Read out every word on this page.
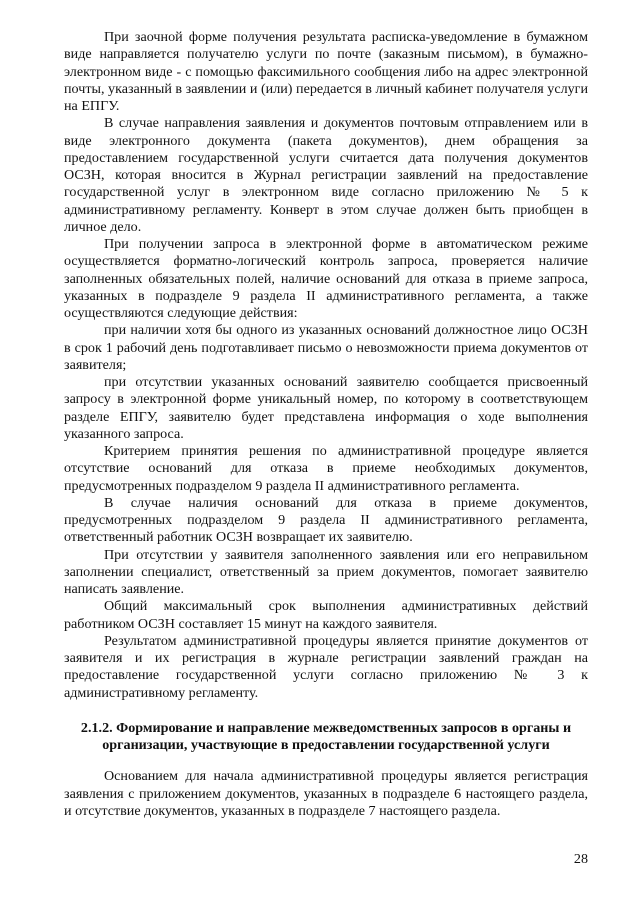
При заочной форме получения результата расписка-уведомление в бумажном виде направляется получателю услуги по почте (заказным письмом), в бумажно-электронном виде - с помощью факсимильного сообщения либо на адрес электронной почты, указанный в заявлении и (или) передается в личный кабинет получателя услуги на ЕПГУ.

В случае направления заявления и документов почтовым отправлением или в виде электронного документа (пакета документов), днем обращения за предоставлением государственной услуги считается дата получения документов ОСЗН, которая вносится в Журнал регистрации заявлений на предоставление государственной услуг в электронном виде согласно приложению № 5 к административному регламенту. Конверт в этом случае должен быть приобщен в личное дело.

При получении запроса в электронной форме в автоматическом режиме осуществляется форматно-логический контроль запроса, проверяется наличие заполненных обязательных полей, наличие оснований для отказа в приеме запроса, указанных в подразделе 9 раздела II административного регламента, а также осуществляются следующие действия:

при наличии хотя бы одного из указанных оснований должностное лицо ОСЗН в срок 1 рабочий день подготавливает письмо о невозможности приема документов от заявителя;

при отсутствии указанных оснований заявителю сообщается присвоенный запросу в электронной форме уникальный номер, по которому в соответствующем разделе ЕПГУ, заявителю будет представлена информация о ходе выполнения указанного запроса.

Критерием принятия решения по административной процедуре является отсутствие оснований для отказа в приеме необходимых документов, предусмотренных подразделом 9 раздела II административного регламента.

В случае наличия оснований для отказа в приеме документов, предусмотренных подразделом 9 раздела II административного регламента, ответственный работник ОСЗН возвращает их заявителю.

При отсутствии у заявителя заполненного заявления или его неправильном заполнении специалист, ответственный за прием документов, помогает заявителю написать заявление.

Общий максимальный срок выполнения административных действий работником ОСЗН составляет 15 минут на каждого заявителя.

Результатом административной процедуры является принятие документов от заявителя и их регистрация в журнале регистрации заявлений граждан на предоставление государственной услуги согласно приложению № 3 к административному регламенту.

2.1.2. Формирование и направление межведомственных запросов в органы и организации, участвующие в предоставлении государственной услуги

Основанием для начала административной процедуры является регистрация заявления с приложением документов, указанных в подразделе 6 настоящего раздела, и отсутствие документов, указанных в подразделе 7 настоящего раздела.

28
